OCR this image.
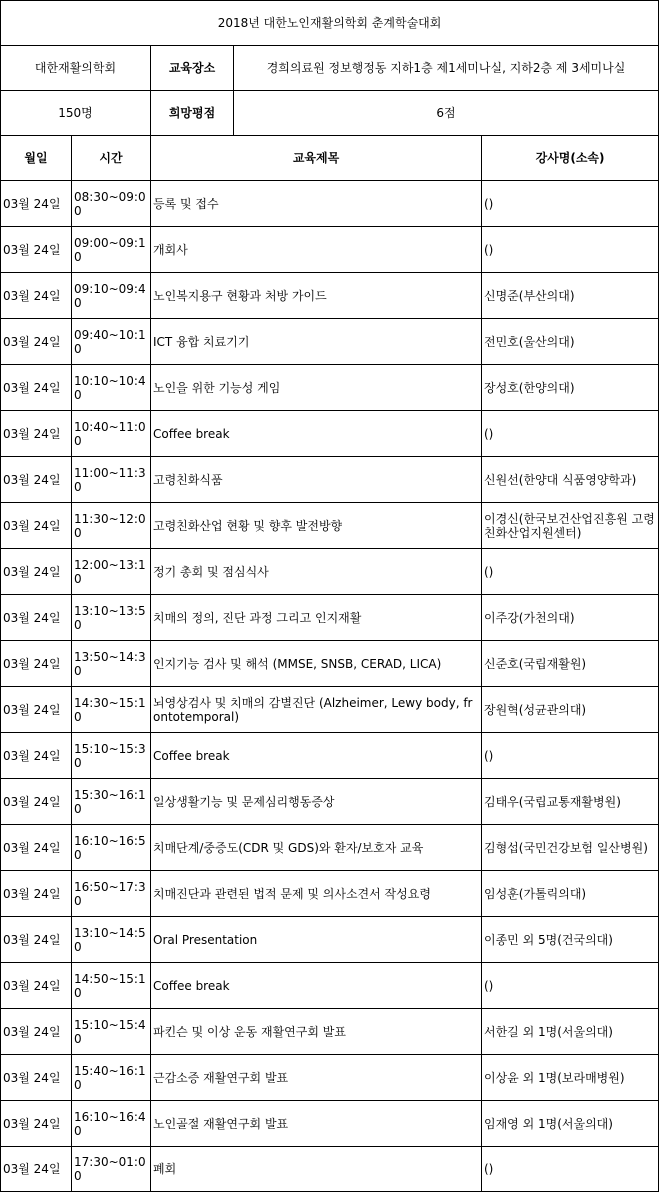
2018년 대한노인재활의학회 춘계학술대회				
대한재활의학회		교육장소	경희의료원 정보행정동 지하1층 제1세미나실, 지하2층 제 3세미나실	
150명		희망평점	6점	
월일	시간	교육제목		강사명(소속)
03월 24일	08:30~09:00	등록 및 접수		()
03월 24일	09:00~09:10	개회사		()
03월 24일	09:10~09:40	노인복지용구 현황과 처방 가이드		신명준(부산의대)
03월 24일	09:40~10:10	ICT 융합 치료기기		전민호(울산의대)
03월 24일	10:10~10:40	노인을 위한 기능성 게임		장성호(한양의대)
03월 24일	10:40~11:00	Coffee break		()
03월 24일	11:00~11:30	고령친화식품		신원선(한양대 식품영양학과)
03월 24일	11:30~12:00	고령친화산업 현황 및 향후 발전방향		이경신(한국보건산업진흥원 고령친화산업지원센터)
03월 24일	12:00~13:10	정기 총회 및 점심식사		()
03월 24일	13:10~13:50	치매의 정의, 진단 과정 그리고 인지재활		이주강(가천의대)
03월 24일	13:50~14:30	인지기능 검사 및 해석 (MMSE, SNSB, CERAD, LICA)		신준호(국립재활원)
03월 24일	14:30~15:10	뇌영상검사 및 치매의 감별진단 (Alzheimer, Lewy body, frontotemporal)		장원혁(성균관의대)
03월 24일	15:10~15:30	Coffee break		()
03월 24일	15:30~16:10	일상생활기능 및 문제심리행동증상		김태우(국립교통재활병원)
03월 24일	16:10~16:50	치매단계/중증도(CDR 및 GDS)와 환자/보호자 교육		김형섭(국민건강보험 일산병원)
03월 24일	16:50~17:30	치매진단과 관련된 법적 문제 및 의사소견서 작성요령		임성훈(가톨릭의대)
03월 24일	13:10~14:50	Oral Presentation		이종민 외 5명(건국의대)
03월 24일	14:50~15:10	Coffee break		()
03월 24일	15:10~15:40	파킨슨 및 이상 운동 재활연구회 발표		서한길 외 1명(서울의대)
03월 24일	15:40~16:10	근감소증 재활연구회 발표		이상윤 외 1명(보라매병원)
03월 24일	16:10~16:40	노인골절 재활연구회 발표		임재영 외 1명(서울의대)
03월 24일	17:30~01:00	폐회		()
